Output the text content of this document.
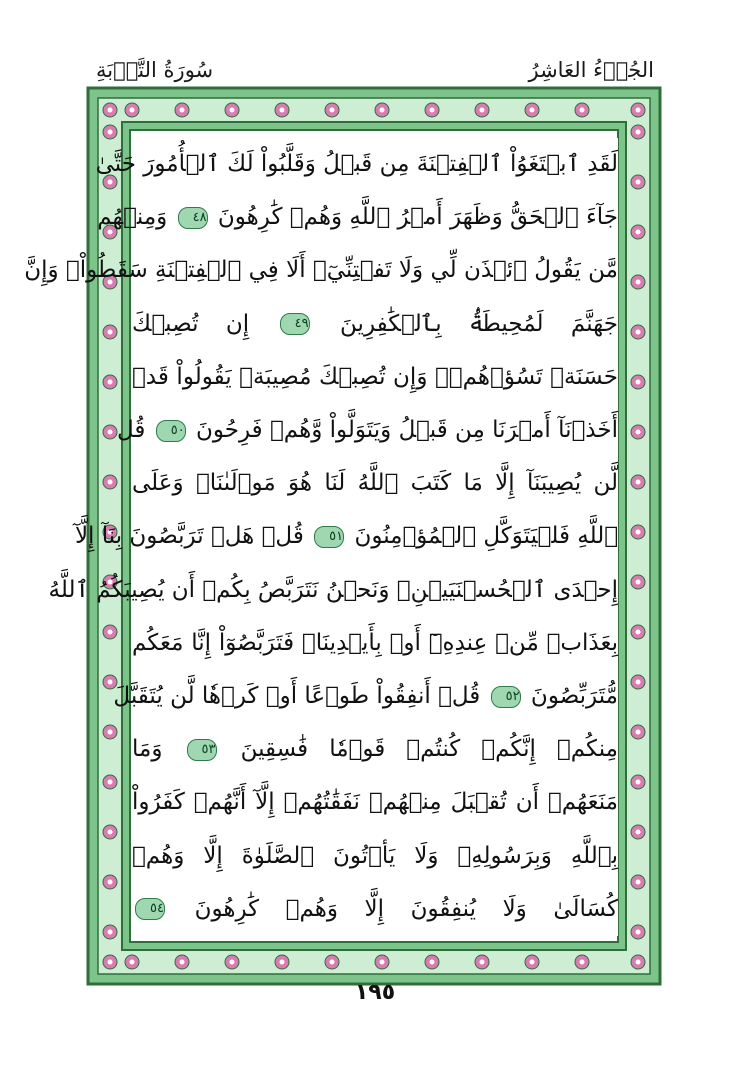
سُورَةُ التَّوۡبَةِ	الجُزۡءُ العَاشِرُ
لَقَدِ ٱبۡتَغَوُاْ ٱلۡفِتۡنَةَ مِن قَبۡلُ وَقَلَّبُواْ لَكَ ٱلۡأُمُورَ حَتَّىٰ
جَآءَ ٱلۡحَقُّ وَظَهَرَ أَمۡرُ ٱللَّهِ وَهُمۡ كَٰرِهُونَ ٤٨ وَمِنۡهُم
مَّن يَقُولُ ٱئۡذَن لِّي وَلَا تَفۡتِنِّيٓۚ أَلَا فِي ٱلۡفِتۡنَةِ سَقَطُواْۗ وَإِنَّ
جَهَنَّمَ لَمُحِيطَةُۢ بِٱلۡكَٰفِرِينَ ٤٩ إِن تُصِبۡكَ
حَسَنَةٞ تَسُؤۡهُمۡۖ وَإِن تُصِبۡكَ مُصِيبَةٞ يَقُولُواْ قَدۡ
أَخَذۡنَآ أَمۡرَنَا مِن قَبۡلُ وَيَتَوَلَّواْ وَّهُمۡ فَرِحُونَ ٥٠ قُل
لَّن يُصِيبَنَآ إِلَّا مَا كَتَبَ ٱللَّهُ لَنَا هُوَ مَوۡلَىٰنَاۚ وَعَلَى
ٱللَّهِ فَلۡيَتَوَكَّلِ ٱلۡمُؤۡمِنُونَ ٥١ قُلۡ هَلۡ تَرَبَّصُونَ بِنَآ إِلَّآ
إِحۡدَى ٱلۡحُسۡنَيَيۡنِۖ وَنَحۡنُ نَتَرَبَّصُ بِكُمۡ أَن يُصِيبَكُمُ ٱللَّهُ
بِعَذَابٖ مِّنۡ عِندِهِۦٓ أَوۡ بِأَيۡدِينَاۖ فَتَرَبَّصُوٓاْ إِنَّا مَعَكُم
مُّتَرَبِّصُونَ ٥٢ قُلۡ أَنفِقُواْ طَوۡعًا أَوۡ كَرۡهٗا لَّن يُتَقَبَّلَ
مِنكُمۡ إِنَّكُمۡ كُنتُمۡ قَوۡمٗا فَٰسِقِينَ ٥٣ وَمَا
مَنَعَهُمۡ أَن تُقۡبَلَ مِنۡهُمۡ نَفَقَٰتُهُمۡ إِلَّآ أَنَّهُمۡ كَفَرُواْ
بِٱللَّهِ وَبِرَسُولِهِۦ وَلَا يَأۡتُونَ ٱلصَّلَوٰةَ إِلَّا وَهُمۡ
كُسَالَىٰ وَلَا يُنفِقُونَ إِلَّا وَهُمۡ كَٰرِهُونَ ٥٤
١٩٥
